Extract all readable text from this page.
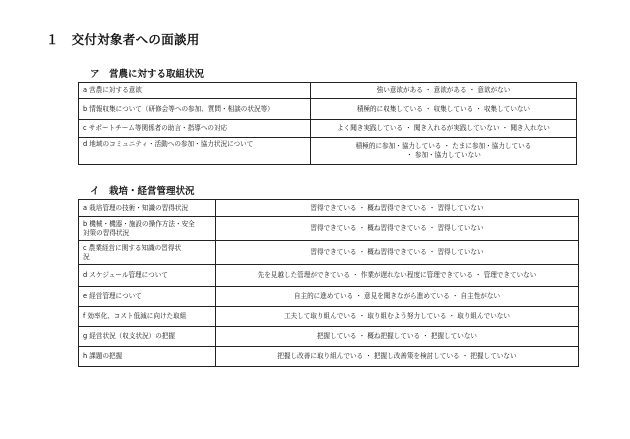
１　交付対象者への面談用
ア　営農に対する取組状況
a 営農に対する意欲	強い意欲がある ・ 意欲がある ・ 意欲がない
b 情報収集について（研修会等への参加、質問・相談の状況等）	積極的に収集している ・ 収集している ・ 収集していない
c サポートチーム等関係者の助言・指導への対応	よく聞き実践している ・ 聞き入れるが実践していない ・ 聞き入れない
d 地域のコミュニティ・活動への参加・協力状況について	積極的に参加・協力している ・ たまに参加・協力している
・ 参加・協力していない
イ　栽培・経営管理状況
a 栽培管理の技術・知識の習得状況	習得できている ・ 概ね習得できている ・ 習得していない

b 機械・機器・施設の操作方法・安全
対策の習得状況	習得できている ・ 概ね習得できている ・ 習得していない

c 農業経営に関する知識の習得状
況	習得できている ・ 概ね習得できている ・ 習得していない
d スケジュール管理について	先を見越した管理ができている ・ 作業が遅れない程度に管理できている ・ 管理できていない
e 経営管理について	自主的に進めている ・ 意見を聞きながら進めている ・ 自主性がない
f 効率化、コスト低減に向けた取組	工夫して取り組んでいる ・ 取り組むよう努力している ・ 取り組んでいない
g 経営状況（収支状況）の把握	把握している ・ 概ね把握している ・ 把握していない
h 課題の把握	把握し改善に取り組んでいる ・ 把握し改善策を検討している ・ 把握していない
